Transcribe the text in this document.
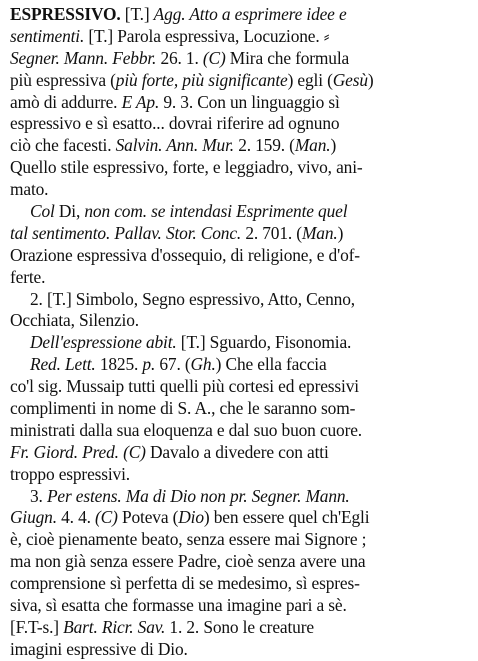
ESPRESSIVO. [T.] Agg. Atto a esprimere idee e
sentimenti. [T.] Parola espressiva, Locuzione. ⸗
Segner. Mann. Febbr. 26. 1. (C) Mira che formula
più espressiva (più forte, più significante) egli (Gesù)
amò di addurre. E Ap. 9. 3. Con un linguaggio sì
espressivo e sì esatto... dovrai riferire ad ognuno
ciò che facesti. Salvin. Ann. Mur. 2. 159. (Man.)
Quello stile espressivo, forte, e leggiadro, vivo, ani-
mato.
Col Di, non com. se intendasi Esprimente quel
tal sentimento. Pallav. Stor. Conc. 2. 701. (Man.)
Orazione espressiva d'ossequio, di religione, e d'of-
ferte.
2. [T.] Simbolo, Segno espressivo, Atto, Cenno,
Occhiata, Silenzio.
Dell'espressione abit. [T.] Sguardo, Fisonomia.
Red. Lett. 1825. p. 67. (Gh.) Che ella faccia
co'l sig. Mussaip tutti quelli più cortesi ed epressivi
complimenti in nome di S. A., che le saranno som-
ministrati dalla sua eloquenza e dal suo buon cuore.
Fr. Giord. Pred. (C) Davalo a divedere con atti
troppo espressivi.
3. Per estens. Ma di Dio non pr. Segner. Mann.
Giugn. 4. 4. (C) Poteva (Dio) ben essere quel ch'Egli
è, cioè pienamente beato, senza essere mai Signore ;
ma non già senza essere Padre, cioè senza avere una
comprensione sì perfetta di se medesimo, sì espres-
siva, sì esatta che formasse una imagine pari a sè.
[F.T-s.] Bart. Ricr. Sav. 1. 2. Sono le creature
imagini espressive di Dio.
